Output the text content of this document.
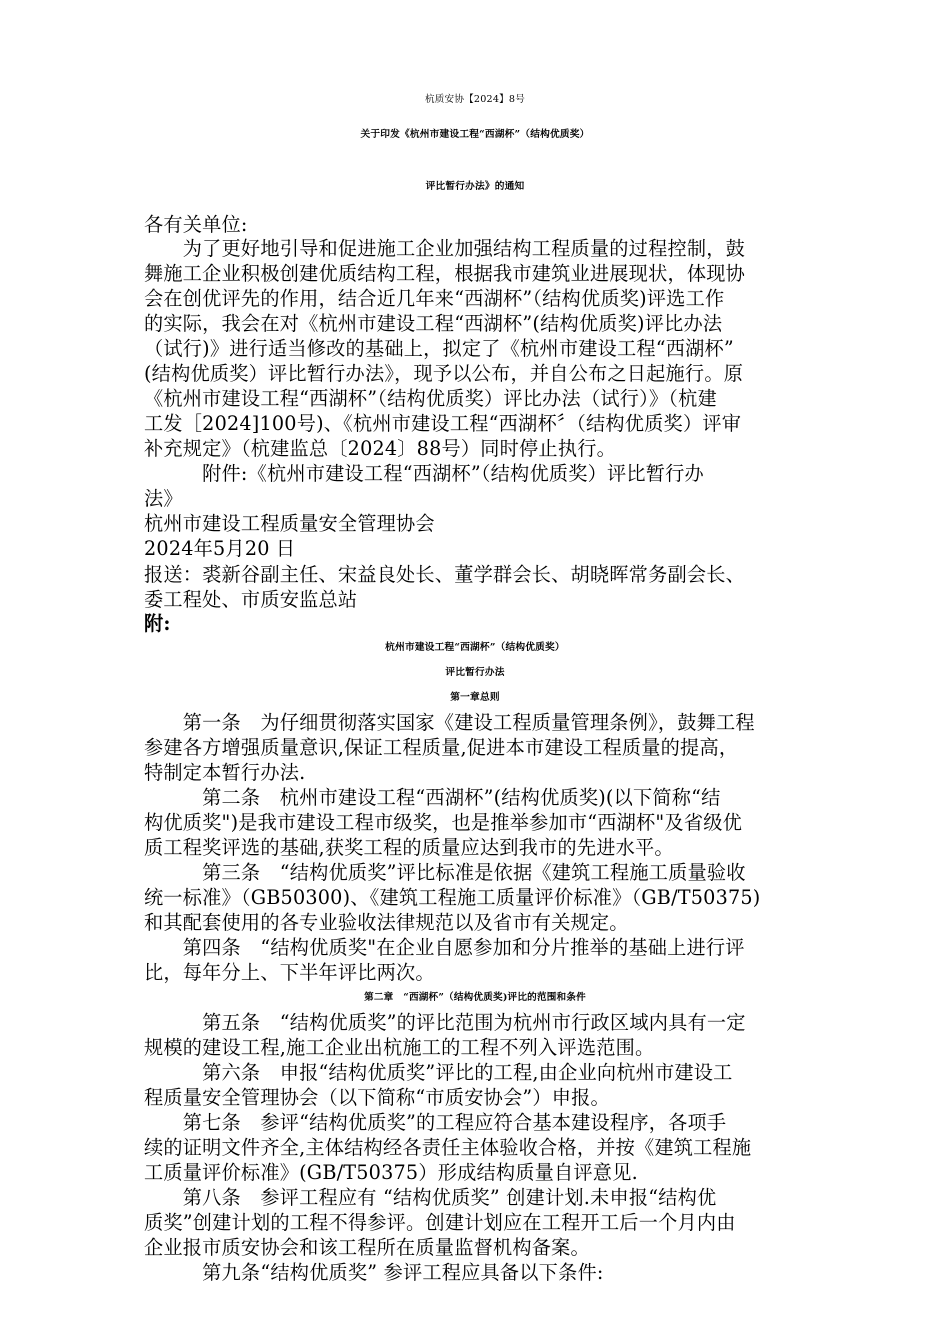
杭质安协【2024】8号
关于印发《杭州市建设工程“西湖杯”（结构优质奖）
评比暂行办法》的通知
各有关单位:
　　为了更好地引导和促进施工企业加强结构工程质量的过程控制，鼓
舞施工企业积极创建优质结构工程，根据我市建筑业进展现状，体现协
会在创优评先的作用，结合近几年来“西湖杯”（结构优质奖)评选工作
的实际，我会在对《杭州市建设工程“西湖杯”(结构优质奖)评比办法
（试行)》进行适当修改的基础上，拟定了《杭州市建设工程“西湖杯”
(结构优质奖）评比暂行办法》，现予以公布，并自公布之日起施行。原
《杭州市建设工程“西湖杯”（结构优质奖）评比办法（试行）》（杭建
工发［2024]100号)、《杭州市建设工程“西湖杯〞（结构优质奖）评审
补充规定》（杭建监总〔2024〕88号）同时停止执行。
　　　附件:《杭州市建设工程“西湖杯”（结构优质奖）评比暂行办
法》
杭州市建设工程质量安全管理协会
2024年5月20 日
报送：裘新谷副主任、宋益良处长、董学群会长、胡晓晖常务副会长、
委工程处、市质安监总站
附:
杭州市建设工程“西湖杯”（结构优质奖）
评比暂行办法
第一章总则
　　第一条　为仔细贯彻落实国家《建设工程质量管理条例》，鼓舞工程
参建各方增强质量意识,保证工程质量,促进本市建设工程质量的提高，
特制定本暂行办法.
　　　第二条　杭州市建设工程“西湖杯”(结构优质奖)(以下简称“结
构优质奖")是我市建设工程市级奖，也是推举参加市“西湖杯"及省级优
质工程奖评选的基础,获奖工程的质量应达到我市的先进水平。
　　　第三条　“结构优质奖”评比标准是依据《建筑工程施工质量验收
统一标准》（GB50300)、《建筑工程施工质量评价标准》（GB/T50375)
和其配套使用的各专业验收法律规范以及省市有关规定。
　　第四条　“结构优质奖"在企业自愿参加和分片推举的基础上进行评
比，每年分上、下半年评比两次。
第二章　“西湖杯”（结构优质奖)评比的范围和条件
　　　第五条　“结构优质奖”的评比范围为杭州市行政区域内具有一定
规模的建设工程,施工企业出杭施工的工程不列入评选范围。
　　　第六条　申报“结构优质奖”评比的工程,由企业向杭州市建设工
程质量安全管理协会（以下简称“市质安协会”）申报。
　　第七条　参评“结构优质奖”的工程应符合基本建设程序，各项手
续的证明文件齐全,主体结构经各责任主体验收合格，并按《建筑工程施
工质量评价标准》(GB/T50375）形成结构质量自评意见.
　　第八条　参评工程应有 “结构优质奖” 创建计划.未申报“结构优
质奖”创建计划的工程不得参评。创建计划应在工程开工后一个月内由
企业报市质安协会和该工程所在质量监督机构备案。
　　　第九条“结构优质奖” 参评工程应具备以下条件:
